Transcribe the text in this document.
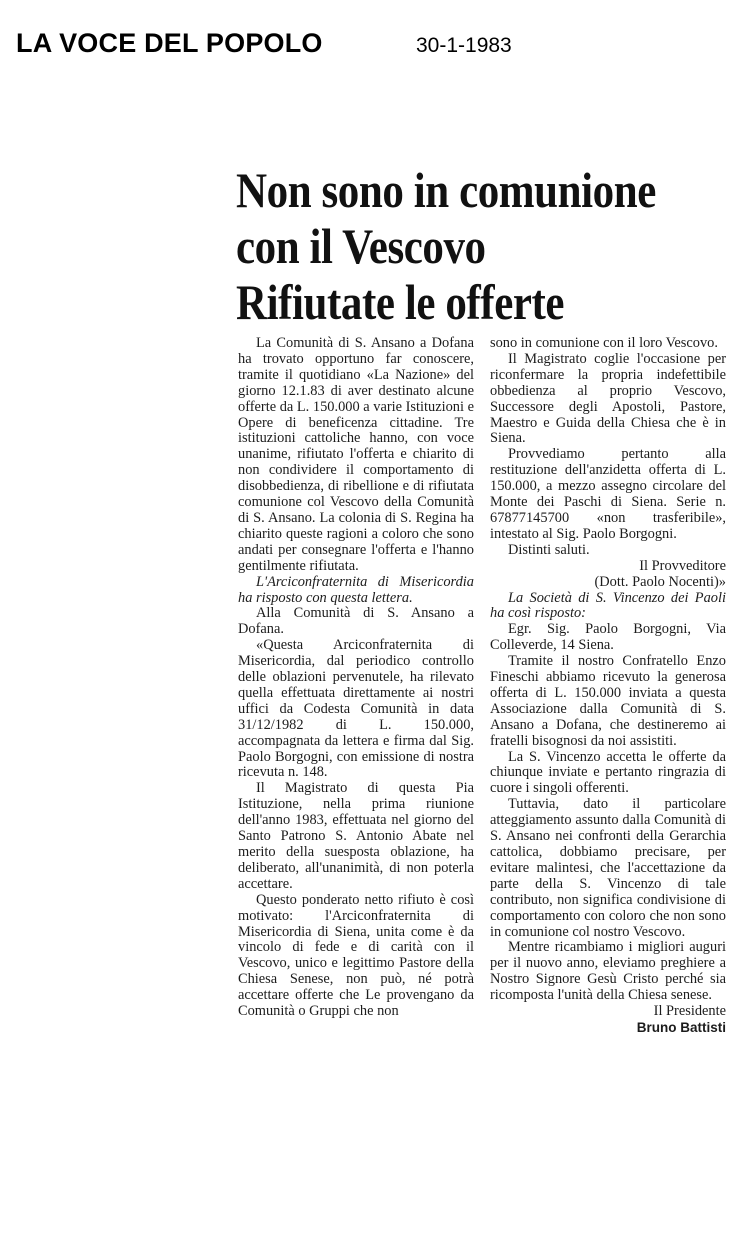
LA VOCE DEL POPOLO	30-1-1983
Non sono in comunione
con il Vescovo
Rifiutate le offerte

La Comunità di S. Ansano a Dofana ha trovato opportuno far conoscere, tramite il quotidiano «La Nazione» del giorno 12.1.83 di aver destinato alcune offerte da L. 150.000 a varie Istituzioni e Opere di beneficenza cittadine. Tre istituzioni cattoliche hanno, con voce unanime, rifiutato l'offerta e chiarito di non condividere il comportamento di disobbedienza, di ribellione e di rifiutata comunione col Vescovo della Comunità di S. Ansano. La colonia di S. Regina ha chiarito queste ragioni a coloro che sono andati per consegnare l'offerta e l'hanno gentilmente rifiutata.

L'Arciconfraternita di Misericordia ha risposto con questa lettera.

Alla Comunità di S. Ansano a Dofana.

«Questa Arciconfraternita di Misericordia, dal periodico controllo delle oblazioni pervenutele, ha rilevato quella effettuata direttamente ai nostri uffici da Codesta Comunità in data 31/12/1982 di L. 150.000, accompagnata da lettera e firma dal Sig. Paolo Borgogni, con emissione di nostra ricevuta n. 148.

Il Magistrato di questa Pia Istituzione, nella prima riunione dell'anno 1983, effettuata nel giorno del Santo Patrono S. Antonio Abate nel merito della suesposta oblazione, ha deliberato, all'unanimità, di non poterla accettare.

Questo ponderato netto rifiuto è così motivato: l'Arciconfraternita di Misericordia di Siena, unita come è da vincolo di fede e di carità con il Vescovo, unico e legittimo Pastore della Chiesa Senese, non può, né potrà accettare offerte che Le provengano da Comunità o Gruppi che non

sono in comunione con il loro Vescovo.

Il Magistrato coglie l'occasione per riconfermare la propria indefettibile obbedienza al proprio Vescovo, Successore degli Apostoli, Pastore, Maestro e Guida della Chiesa che è in Siena.

Provvediamo pertanto alla restituzione dell'anzidetta offerta di L. 150.000, a mezzo assegno circolare del Monte dei Paschi di Siena. Serie n. 67877145700 «non trasferibile», intestato al Sig. Paolo Borgogni.

Distinti saluti.

Il Provveditore

(Dott. Paolo Nocenti)»

La Società di S. Vincenzo dei Paoli ha così risposto:

Egr. Sig. Paolo Borgogni, Via Colleverde, 14 Siena.

Tramite il nostro Confratello Enzo Fineschi abbiamo ricevuto la generosa offerta di L. 150.000 inviata a questa Associazione dalla Comunità di S. Ansano a Dofana, che destineremo ai fratelli bisognosi da noi assistiti.

La S. Vincenzo accetta le offerte da chiunque inviate e pertanto ringrazia di cuore i singoli offerenti.

Tuttavia, dato il particolare atteggiamento assunto dalla Comunità di S. Ansano nei confronti della Gerarchia cattolica, dobbiamo precisare, per evitare malintesi, che l'accettazione da parte della S. Vincenzo di tale contributo, non significa condivisione di comportamento con coloro che non sono in comunione col nostro Vescovo.

Mentre ricambiamo i migliori auguri per il nuovo anno, eleviamo preghiere a Nostro Signore Gesù Cristo perché sia ricomposta l'unità della Chiesa senese.

Il Presidente

Bruno Battisti
